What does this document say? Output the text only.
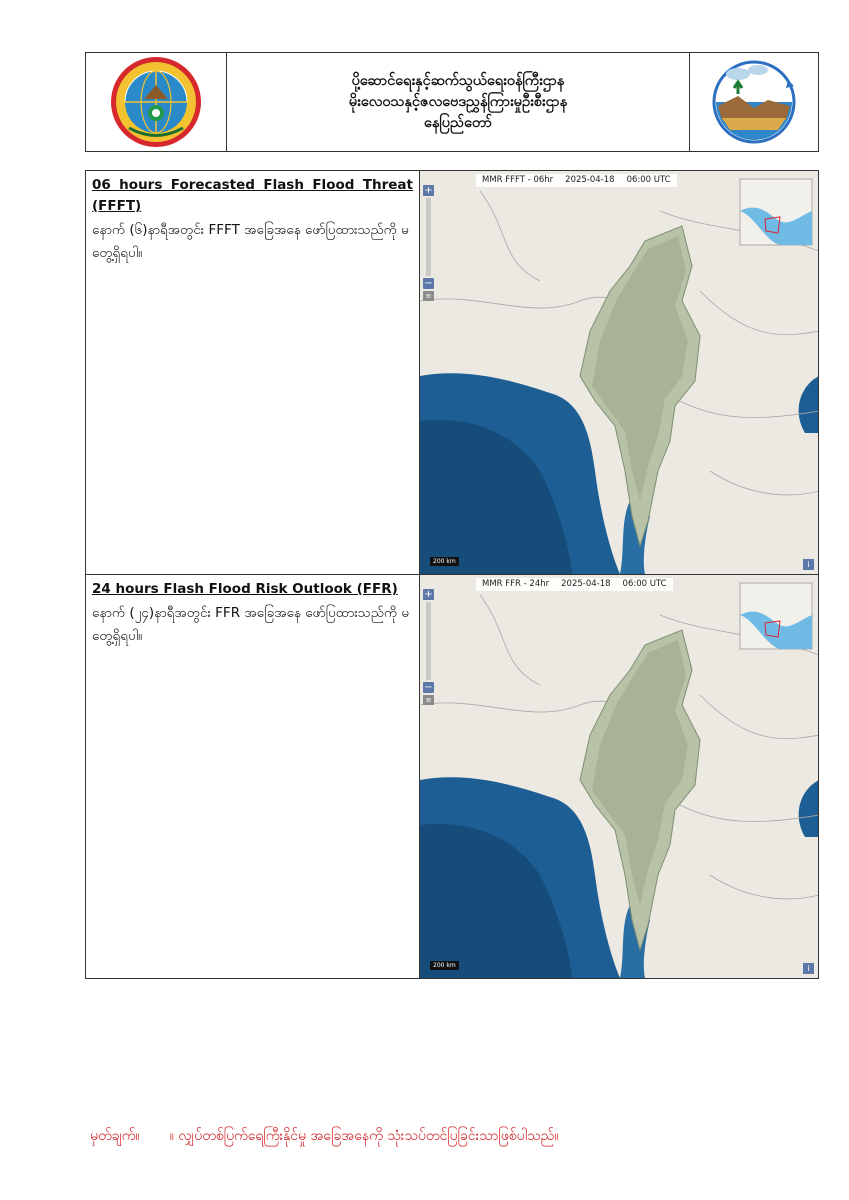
ပို့ဆောင်ရေးနှင့်ဆက်သွယ်ရေးဝန်ကြီးဌာန
မိုးလေဝသနှင့်ဇလဗေဒညွှန်ကြားမှုဦးစီးဌာန
နေပြည်တော်

06 hours Forecasted Flash Flood Threat (FFFT)

နောက် (၆)နာရီအတွင်း FFFT အခြေအနေ ဖော်ပြထားသည်ကို မတွေ့ရှိရပါ။

MMR FFFT - 06hr 2025-04-18 06:00 UTC
+
−
≡
200 km	i

24 hours Flash Flood Risk Outlook (FFR)

နောက် (၂၄)နာရီအတွင်း FFR အခြေအနေ ဖော်ပြထားသည်ကို မတွေ့ရှိရပါ။

MMR FFR - 24hr 2025-04-18 06:00 UTC
+
−
≡
200 km	i
မှတ်ချက်။ ။ လျှပ်တစ်ပြက်ရေကြီးနိုင်မှု အခြေအနေကို သုံးသပ်တင်ပြခြင်းသာဖြစ်ပါသည်။
